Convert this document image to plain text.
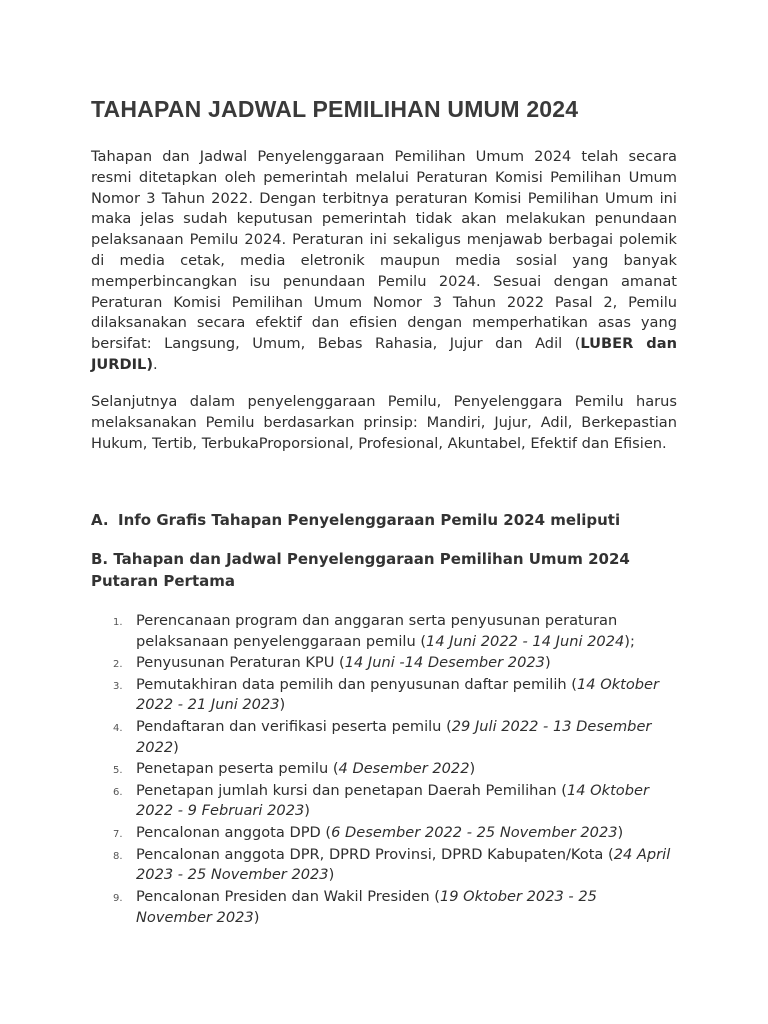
TAHAPAN JADWAL PEMILIHAN UMUM 2024

Tahapan dan Jadwal Penyelenggaraan Pemilihan Umum 2024 telah secara resmi ditetapkan oleh pemerintah melalui Peraturan Komisi Pemilihan Umum Nomor 3 Tahun 2022. Dengan terbitnya peraturan Komisi Pemilihan Umum ini maka jelas sudah keputusan pemerintah tidak akan melakukan penundaan pelaksanaan Pemilu 2024. Peraturan ini sekaligus menjawab berbagai polemik di media cetak, media eletronik maupun media sosial yang banyak memperbincangkan isu penundaan Pemilu 2024. Sesuai dengan amanat Peraturan Komisi Pemilihan Umum Nomor 3 Tahun 2022 Pasal 2, Pemilu dilaksanakan secara efektif dan efisien dengan memperhatikan asas yang bersifat: Langsung, Umum, Bebas Rahasia, Jujur dan Adil (LUBER dan JURDIL).

Selanjutnya dalam penyelenggaraan Pemilu, Penyelenggara Pemilu harus melaksanakan Pemilu berdasarkan prinsip: Mandiri, Jujur, Adil, Berkepastian Hukum, Tertib, TerbukaProporsional, Profesional, Akuntabel, Efektif dan Efisien.

A. Info Grafis Tahapan Penyelenggaraan Pemilu 2024 meliputi
B. Tahapan dan Jadwal Penyelenggaraan Pemilihan Umum 2024 Putaran Pertama
1. Perencanaan program dan anggaran serta penyusunan peraturan pelaksanaan penyelenggaraan pemilu (14 Juni 2022 - 14 Juni 2024);
2. Penyusunan Peraturan KPU (14 Juni -14 Desember 2023)
3. Pemutakhiran data pemilih dan penyusunan daftar pemilih (14 Oktober 2022 - 21 Juni 2023)
4. Pendaftaran dan verifikasi peserta pemilu (29 Juli 2022 - 13 Desember 2022)
5. Penetapan peserta pemilu (4 Desember 2022)
6. Penetapan jumlah kursi dan penetapan Daerah Pemilihan (14 Oktober 2022 - 9 Februari 2023)
7. Pencalonan anggota DPD (6 Desember 2022 - 25 November 2023)
8. Pencalonan anggota DPR, DPRD Provinsi, DPRD Kabupaten/Kota (24 April 2023 - 25 November 2023)
9. Pencalonan Presiden dan Wakil Presiden (19 Oktober 2023 - 25 November 2023)
